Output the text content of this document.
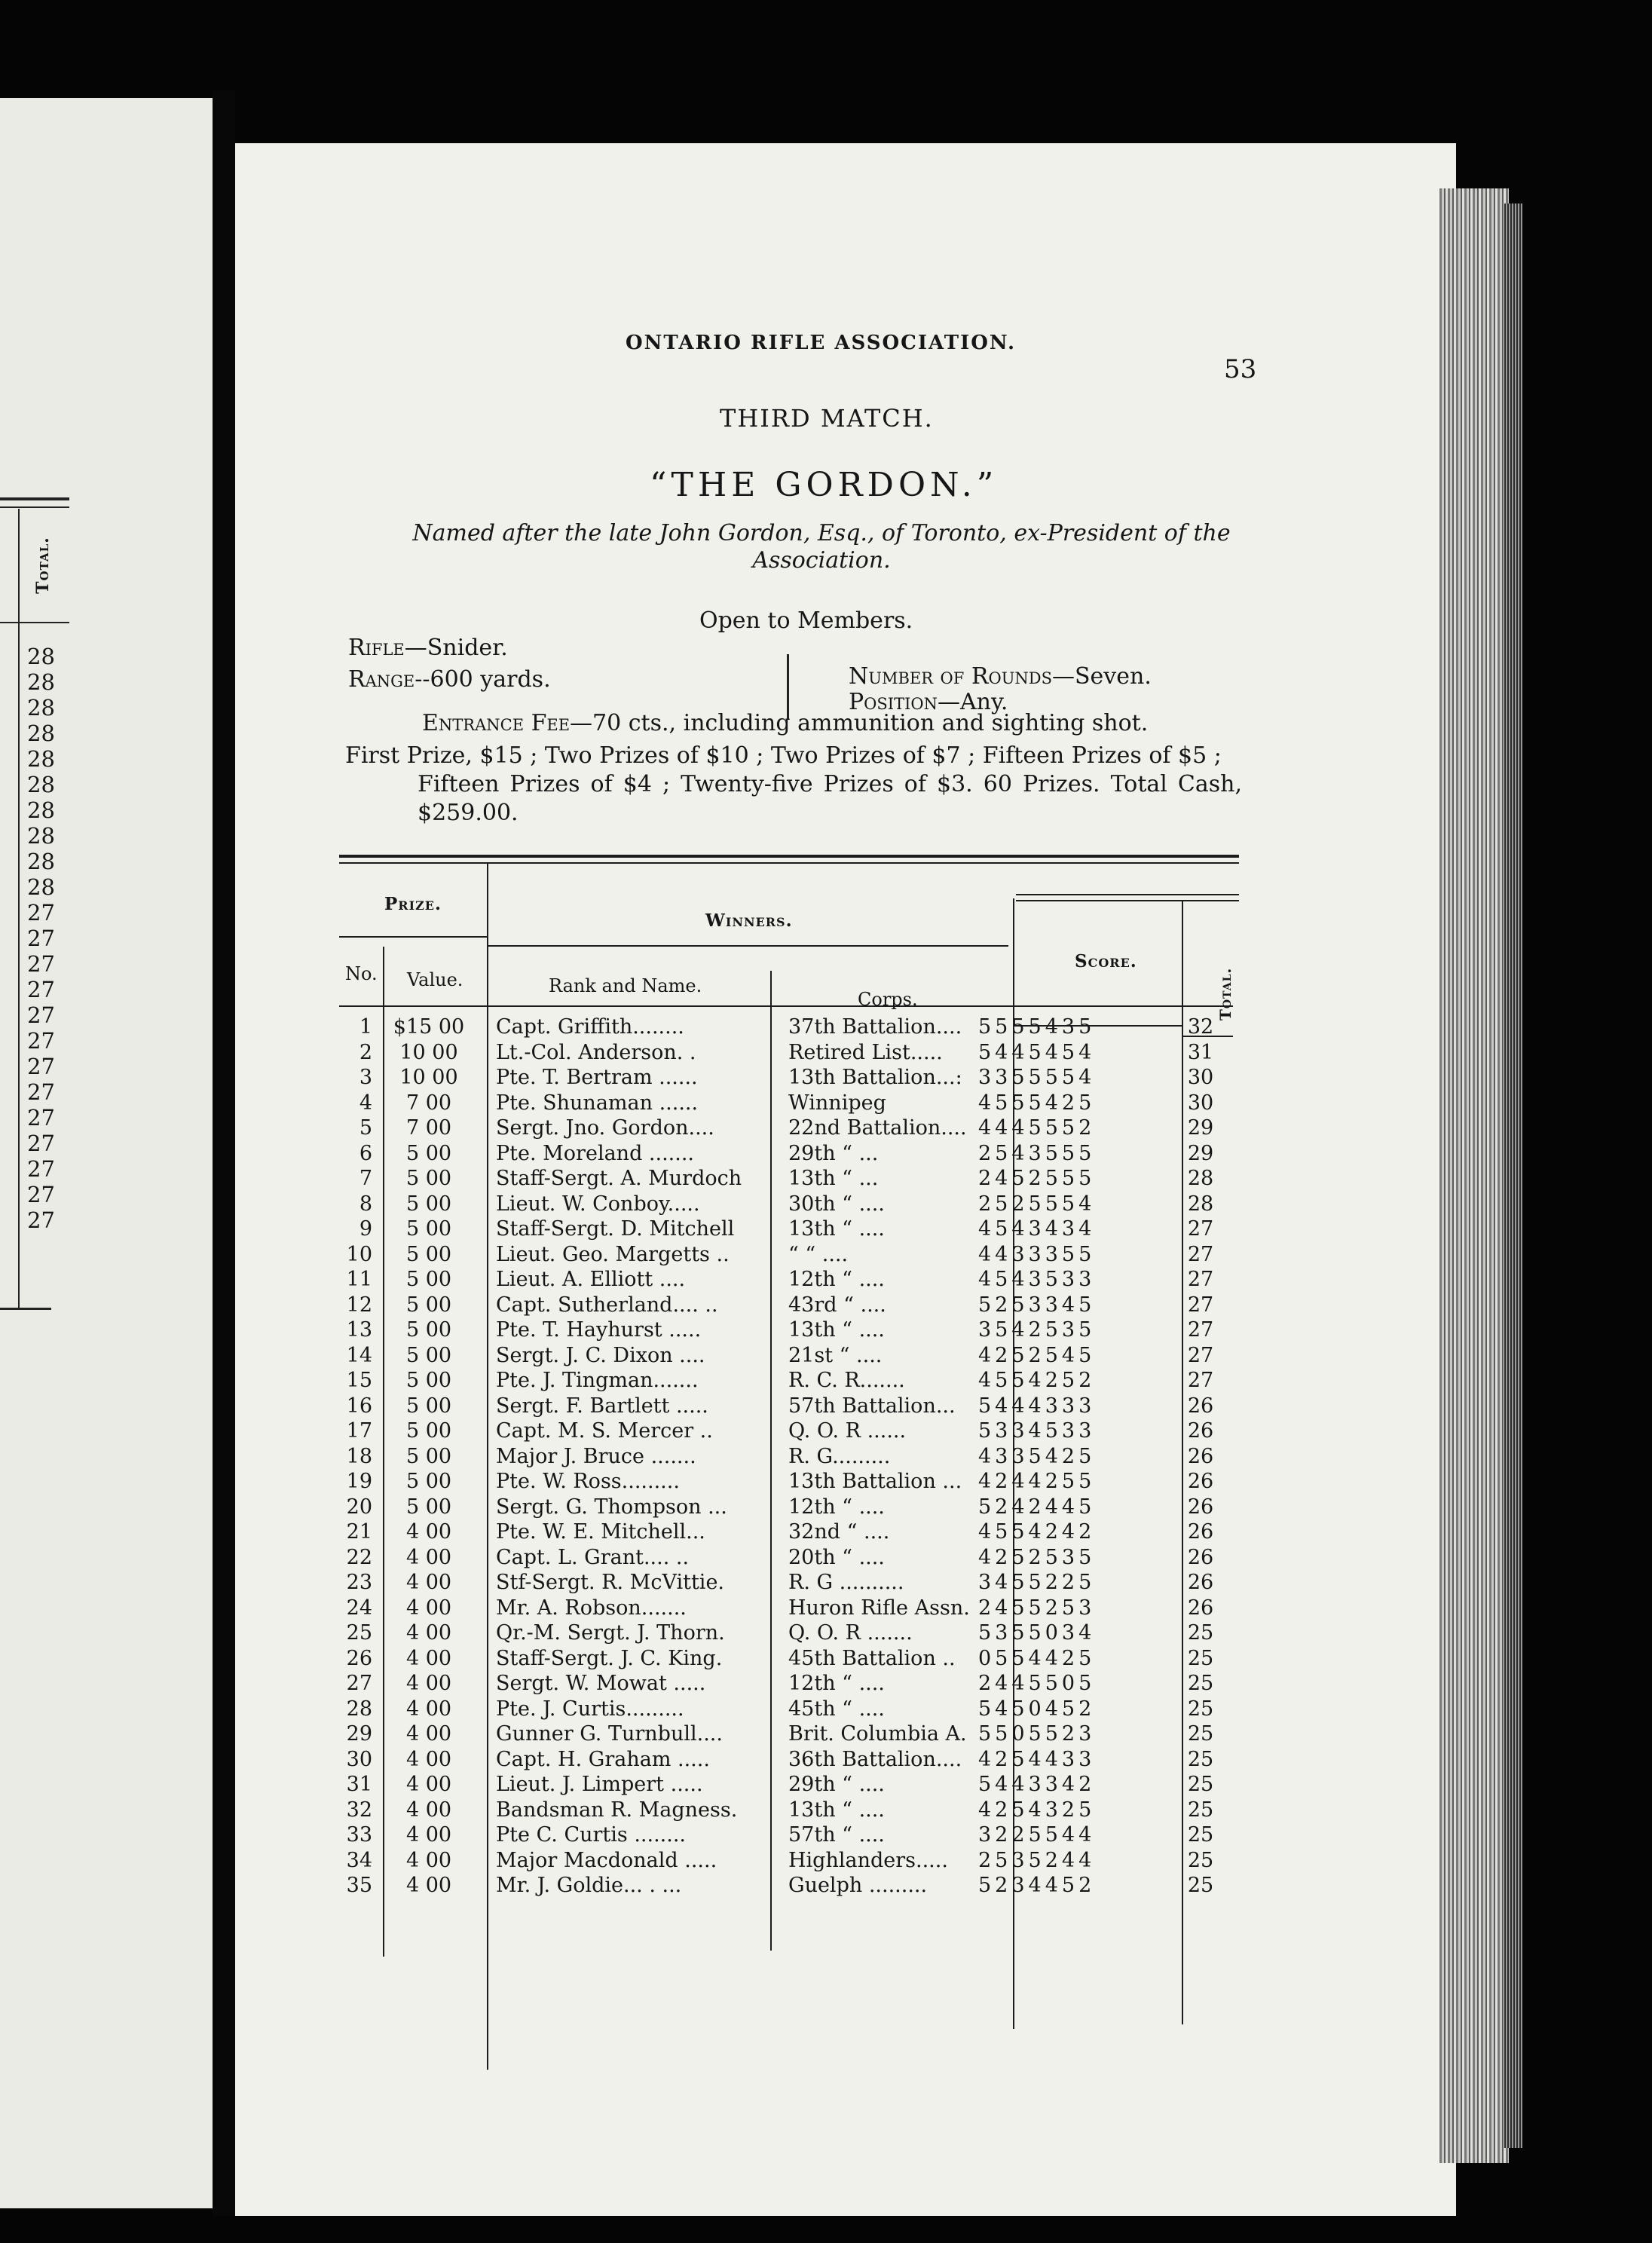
Total.
28
28
28
28
28
28
28
28
28
28
27
27
27
27
27
27
27
27
27
27
27
27
27
ONTARIO RIFLE ASSOCIATION.
53
THIRD MATCH.
“THE GORDON.”
Named after the late John Gordon, Esq., of Toronto, ex-President of the Association.
Open to Members.
Rifle—Snider.
Range--600 yards.	Number of Rounds—Seven.
Position—Any.
Entrance Fee—70 cts., including ammunition and sighting shot.
First Prize, $15 ; Two Prizes of $10 ; Two Prizes of $7 ; Fifteen Prizes of $5 ;
Fifteen Prizes of $4 ; Twenty-five Prizes of $3. 60 Prizes. Total Cash, $259.00.
Prize.
Winners.
Score.
Total.
No. Value.	Rank and Name.
Corps.
1	$15 00	Capt. Griffith........	37th Battalion.... 5555435	32
2	10 00	Lt.-Col. Anderson. .	Retired List.....	5445454	31
3	10 00	Pte. T. Bertram ......	13th Battalion...: 3355554	30
4	7 00	Pte. Shunaman ......	Winnipeg	4555425	30
5	7 00	Sergt. Jno. Gordon....	22nd Battalion.... 4445552	29
6	5 00	Pte. Moreland .......	29th “ ...	2543555	29
7	5 00	Staff-Sergt. A. Murdoch	13th “ ...	2452555	28
8	5 00	Lieut. W. Conboy.....	30th “ ....	2525554	28
9	5 00	Staff-Sergt. D. Mitchell	13th “ ....	4543434	27
10	5 00	Lieut. Geo. Margetts ..	“ “ ....	4433355	27
11	5 00	Lieut. A. Elliott ....	12th “ ....	4543533	27
12	5 00	Capt. Sutherland.... ..	43rd “ ....	5253345	27
13	5 00	Pte. T. Hayhurst .....	13th “ ....	3542535	27
14	5 00	Sergt. J. C. Dixon ....	21st “ ....	4252545	27
15	5 00	Pte. J. Tingman.......	R. C. R.......	4554252	27
16	5 00	Sergt. F. Bartlett .....	57th Battalion...	5444333	26
17	5 00	Capt. M. S. Mercer ..	Q. O. R ......	5334533	26
18	5 00	Major J. Bruce .......	R. G.........	4335425	26
19	5 00	Pte. W. Ross.........	13th Battalion ... 4244255	26
20	5 00	Sergt. G. Thompson ...	12th “ ....	5242445	26
21	4 00	Pte. W. E. Mitchell...	32nd “ ....	4554242	26
22	4 00	Capt. L. Grant.... ..	20th “ ....	4252535	26
23	4 00	Stf-Sergt. R. McVittie.	R. G ..........	3455225	26
24	4 00	Mr. A. Robson.......	Huron Rifle Assn. 2455253	26
25	4 00	Qr.-M. Sergt. J. Thorn.	Q. O. R .......	5355034	25
26	4 00	Staff-Sergt. J. C. King.	45th Battalion ..	0554425	25
27	4 00	Sergt. W. Mowat .....	12th “ ....	2445505	25
28	4 00	Pte. J. Curtis.........	45th “ ....	5450452	25
29	4 00	Gunner G. Turnbull....	Brit. Columbia A. 5505523	25
30	4 00	Capt. H. Graham .....	36th Battalion.... 4254433	25
31	4 00	Lieut. J. Limpert .....	29th “ ....	5443342	25
32	4 00	Bandsman R. Magness.	13th “ ....	4254325	25
33	4 00	Pte C. Curtis ........	57th “ ....	3225544	25
34	4 00	Major Macdonald .....	Highlanders.....	2535244	25
35	4 00	Mr. J. Goldie... . ...	Guelph .........	5234452	25
